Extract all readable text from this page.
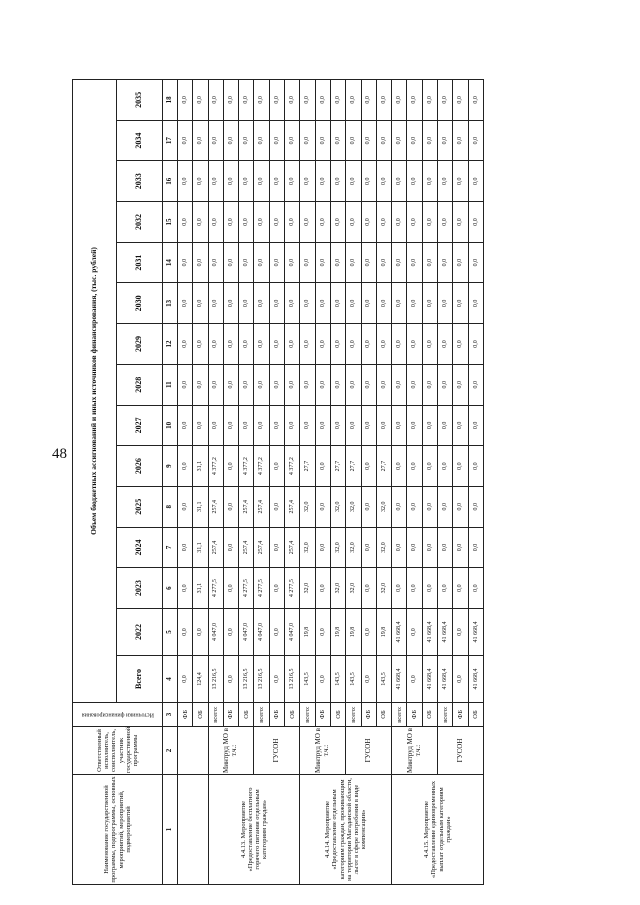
48
Наименование государственной программы, подпрограммы, основных мероприятий, мероприятий, подмероприятий	Ответственный исполнитель, соисполнитель, участник государственной программы	Источники финансирования	Объем бюджетных ассигнований и иных источников финансирования, (тыс. рублей)														
			Всего	2022	2023	2024	2025	2026	2027	2028	2029	2030	2031	2032	2033	2034	2035
1	2	3	4	5	6	7	8	9	10	11	12	13	14	15	16	17	18
		ФБ	0,0	0,0	0,0	0,0	0,0	0,0	0,0	0,0	0,0	0,0	0,0	0,0	0,0	0,0	0,0
		ОБ	124,4	0,0	31,1	31,1	31,1	31,1	0,0	0,0	0,0	0,0	0,0	0,0	0,0	0,0	0,0
4.4.13. Мероприятие «Предоставление бесплатного горячего питания отдельным категориям граждан»	Минтруд МО в т.ч.:	всего:	13 216,5	4 047,0	4 277,5	257,4	257,4	4 377,2	0,0	0,0	0,0	0,0	0,0	0,0	0,0	0,0	0,0
		ФБ	0,0	0,0	0,0	0,0	0,0	0,0	0,0	0,0	0,0	0,0	0,0	0,0	0,0	0,0	0,0
		ОБ	13 216,5	4 047,0	4 277,5	257,4	257,4	4 377,2	0,0	0,0	0,0	0,0	0,0	0,0	0,0	0,0	0,0
	ГУСОН	всего:	13 216,5	4 047,0	4 277,5	257,4	257,4	4 377,2	0,0	0,0	0,0	0,0	0,0	0,0	0,0	0,0	0,0
		ФБ	0,0	0,0	0,0	0,0	0,0	0,0	0,0	0,0	0,0	0,0	0,0	0,0	0,0	0,0	0,0
		ОБ	13 216,5	4 047,0	4 277,5	257,4	257,4	4 377,2	0,0	0,0	0,0	0,0	0,0	0,0	0,0	0,0	0,0
4.4.14. Мероприятие «Предоставление отдельным категориям граждан, проживающим на территории Магаданской области, льгот в сфере погребения в виде компенсации»	Минтруд МО в т.ч.:	всего:	143,5	19,8	32,0	32,0	32,0	27,7	0,0	0,0	0,0	0,0	0,0	0,0	0,0	0,0	0,0
		ФБ	0,0	0,0	0,0	0,0	0,0	0,0	0,0	0,0	0,0	0,0	0,0	0,0	0,0	0,0	0,0
		ОБ	143,5	19,8	32,0	32,0	32,0	27,7	0,0	0,0	0,0	0,0	0,0	0,0	0,0	0,0	0,0
	ГУСОН	всего:	143,5	19,8	32,0	32,0	32,0	27,7	0,0	0,0	0,0	0,0	0,0	0,0	0,0	0,0	0,0
		ФБ	0,0	0,0	0,0	0,0	0,0	0,0	0,0	0,0	0,0	0,0	0,0	0,0	0,0	0,0	0,0
		ОБ	143,5	19,8	32,0	32,0	32,0	27,7	0,0	0,0	0,0	0,0	0,0	0,0	0,0	0,0	0,0
4.4.15. Мероприятие «Предоставление единовременных выплат отдельным категориям граждан»	Минтруд МО в т.ч.:	всего:	41 668,4	41 668,4	0,0	0,0	0,0	0,0	0,0	0,0	0,0	0,0	0,0	0,0	0,0	0,0	0,0
		ФБ	0,0	0,0	0,0	0,0	0,0	0,0	0,0	0,0	0,0	0,0	0,0	0,0	0,0	0,0	0,0
		ОБ	41 668,4	41 668,4	0,0	0,0	0,0	0,0	0,0	0,0	0,0	0,0	0,0	0,0	0,0	0,0	0,0
	ГУСОН	всего:	41 668,4	41 668,4	0,0	0,0	0,0	0,0	0,0	0,0	0,0	0,0	0,0	0,0	0,0	0,0	0,0
		ФБ	0,0	0,0	0,0	0,0	0,0	0,0	0,0	0,0	0,0	0,0	0,0	0,0	0,0	0,0	0,0
		ОБ	41 668,4	41 668,4	0,0	0,0	0,0	0,0	0,0	0,0	0,0	0,0	0,0	0,0	0,0	0,0	0,0
